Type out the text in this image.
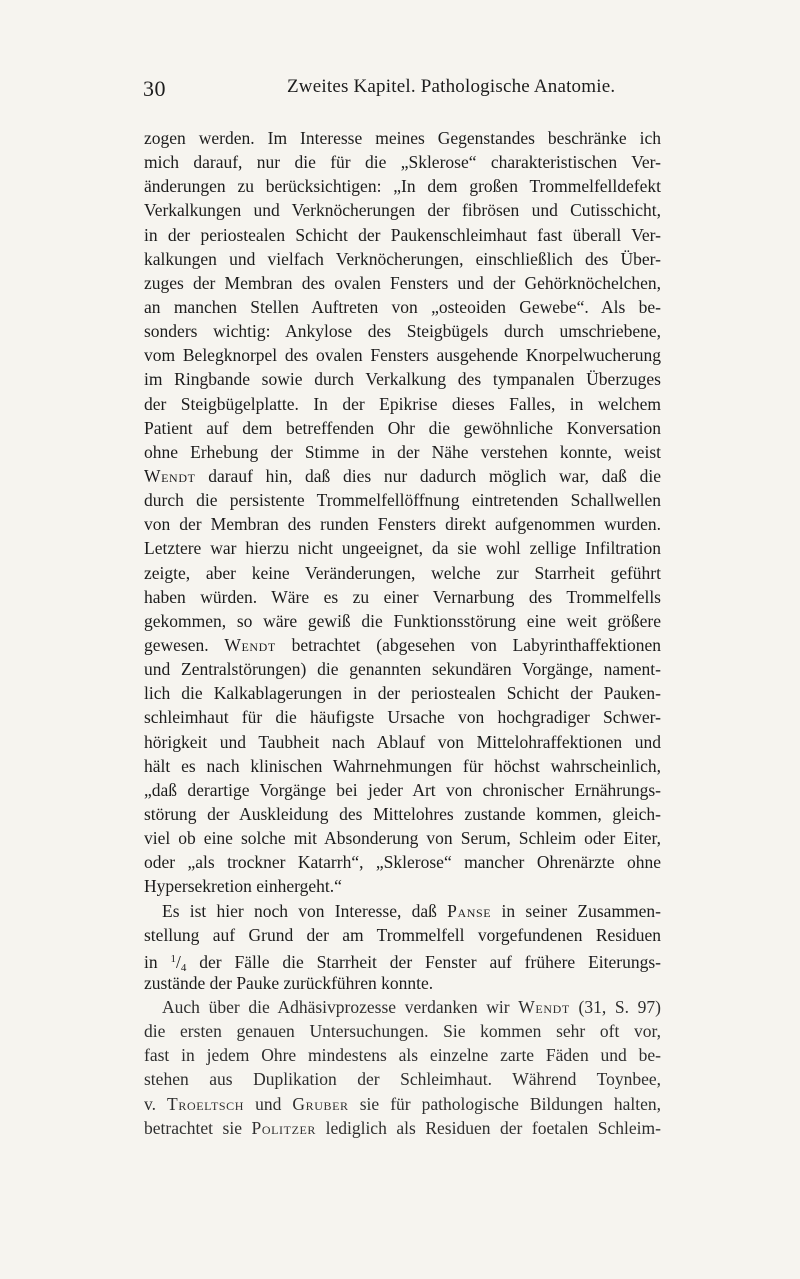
30	Zweites Kapitel. Pathologische Anatomie.
zogen werden. Im Interesse meines Gegenstandes beschränke ich
mich darauf, nur die für die „Sklerose“ charakteristischen Ver-
änderungen zu berücksichtigen: „In dem großen Trommelfelldefekt
Verkalkungen und Verknöcherungen der fibrösen und Cutisschicht,
in der periostealen Schicht der Paukenschleimhaut fast überall Ver-
kalkungen und vielfach Verknöcherungen, einschließlich des Über-
zuges der Membran des ovalen Fensters und der Gehörknöchelchen,
an manchen Stellen Auftreten von „osteoiden Gewebe“. Als be-
sonders wichtig: Ankylose des Steigbügels durch umschriebene,
vom Belegknorpel des ovalen Fensters ausgehende Knorpelwucherung
im Ringbande sowie durch Verkalkung des tympanalen Überzuges
der Steigbügelplatte. In der Epikrise dieses Falles, in welchem
Patient auf dem betreffenden Ohr die gewöhnliche Konversation
ohne Erhebung der Stimme in der Nähe verstehen konnte, weist
Wendt darauf hin, daß dies nur dadurch möglich war, daß die
durch die persistente Trommelfellöffnung eintretenden Schallwellen
von der Membran des runden Fensters direkt aufgenommen wurden.
Letztere war hierzu nicht ungeeignet, da sie wohl zellige Infiltration
zeigte, aber keine Veränderungen, welche zur Starrheit geführt
haben würden. Wäre es zu einer Vernarbung des Trommelfells
gekommen, so wäre gewiß die Funktionsstörung eine weit größere
gewesen. Wendt betrachtet (abgesehen von Labyrinthaffektionen
und Zentralstörungen) die genannten sekundären Vorgänge, nament-
lich die Kalkablagerungen in der periostealen Schicht der Pauken-
schleimhaut für die häufigste Ursache von hochgradiger Schwer-
hörigkeit und Taubheit nach Ablauf von Mittelohraffektionen und
hält es nach klinischen Wahrnehmungen für höchst wahrscheinlich,
„daß derartige Vorgänge bei jeder Art von chronischer Ernährungs-
störung der Auskleidung des Mittelohres zustande kommen, gleich-
viel ob eine solche mit Absonderung von Serum, Schleim oder Eiter,
oder „als trockner Katarrh“, „Sklerose“ mancher Ohrenärzte ohne
Hypersekretion einhergeht.“
Es ist hier noch von Interesse, daß Panse in seiner Zusammen-
stellung auf Grund der am Trommelfell vorgefundenen Residuen
in $^1/_4$ der Fälle die Starrheit der Fenster auf frühere Eiterungs-
zustände der Pauke zurückführen konnte.
Auch über die Adhäsivprozesse verdanken wir Wendt (31, S. 97)
die ersten genauen Untersuchungen. Sie kommen sehr oft vor,
fast in jedem Ohre mindestens als einzelne zarte Fäden und be-
stehen aus Duplikation der Schleimhaut. Während Toynbee,
v. Troeltsch und Gruber sie für pathologische Bildungen halten,
betrachtet sie Politzer lediglich als Residuen der foetalen Schleim-
